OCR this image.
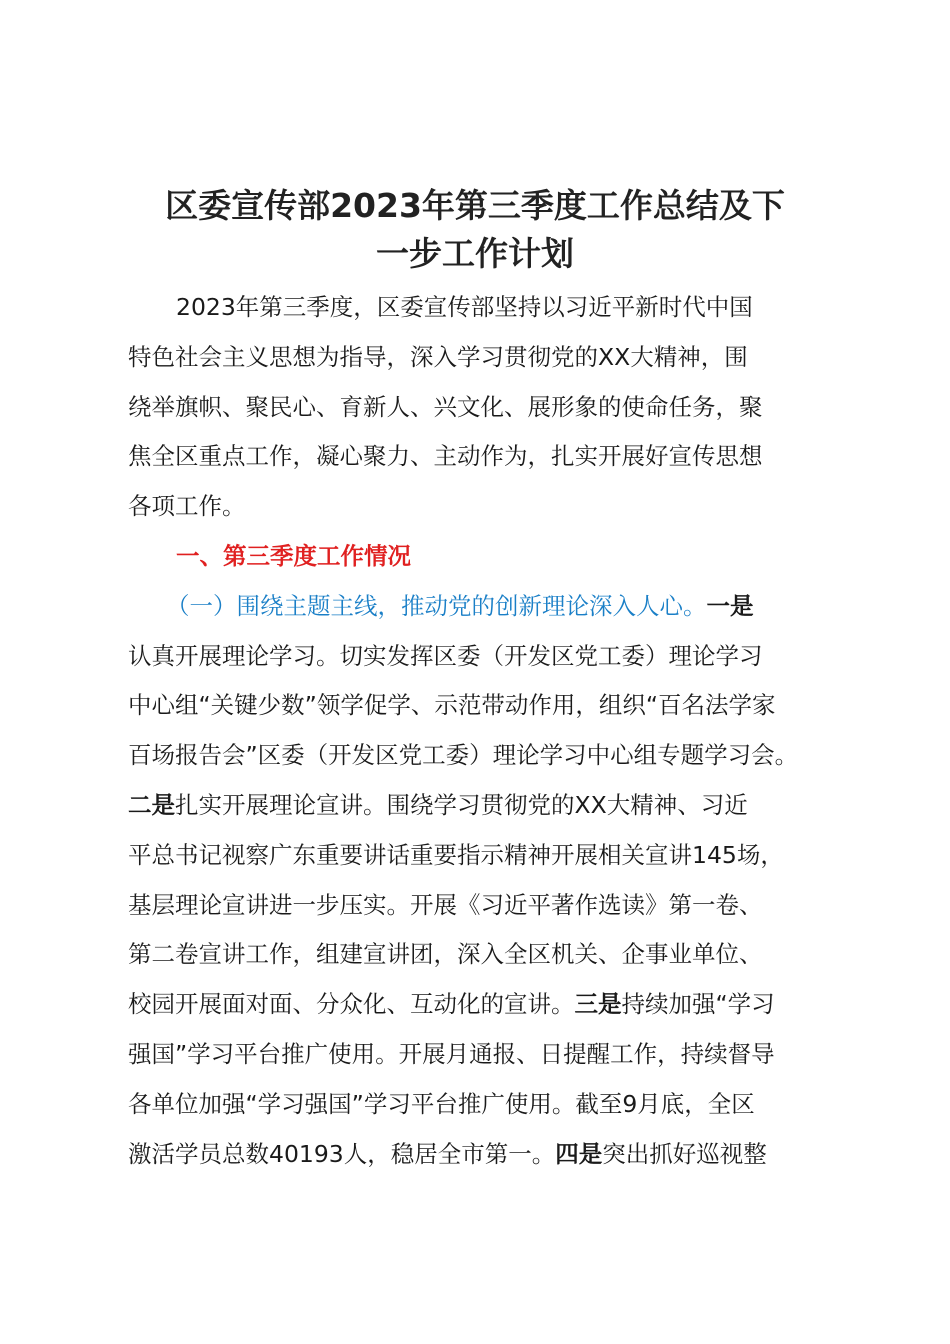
区委宣传部2023年第三季度工作总结及下
一步工作计划
2023年第三季度，区委宣传部坚持以习近平新时代中国
特色社会主义思想为指导，深入学习贯彻党的XX大精神，围
绕举旗帜、聚民心、育新人、兴文化、展形象的使命任务，聚
焦全区重点工作，凝心聚力、主动作为，扎实开展好宣传思想
各项工作。
一、第三季度工作情况
（一）围绕主题主线，推动党的创新理论深入人心。一是
认真开展理论学习。切实发挥区委（开发区党工委）理论学习
中心组“关键少数”领学促学、示范带动作用，组织“百名法学家
百场报告会”区委（开发区党工委）理论学习中心组专题学习会。
二是扎实开展理论宣讲。围绕学习贯彻党的XX大精神、习近
平总书记视察广东重要讲话重要指示精神开展相关宣讲145场，
基层理论宣讲进一步压实。开展《习近平著作选读》第一卷、
第二卷宣讲工作，组建宣讲团，深入全区机关、企事业单位、
校园开展面对面、分众化、互动化的宣讲。三是持续加强“学习
强国”学习平台推广使用。开展月通报、日提醒工作，持续督导
各单位加强“学习强国”学习平台推广使用。截至9月底，全区
激活学员总数40193人，稳居全市第一。四是突出抓好巡视整
